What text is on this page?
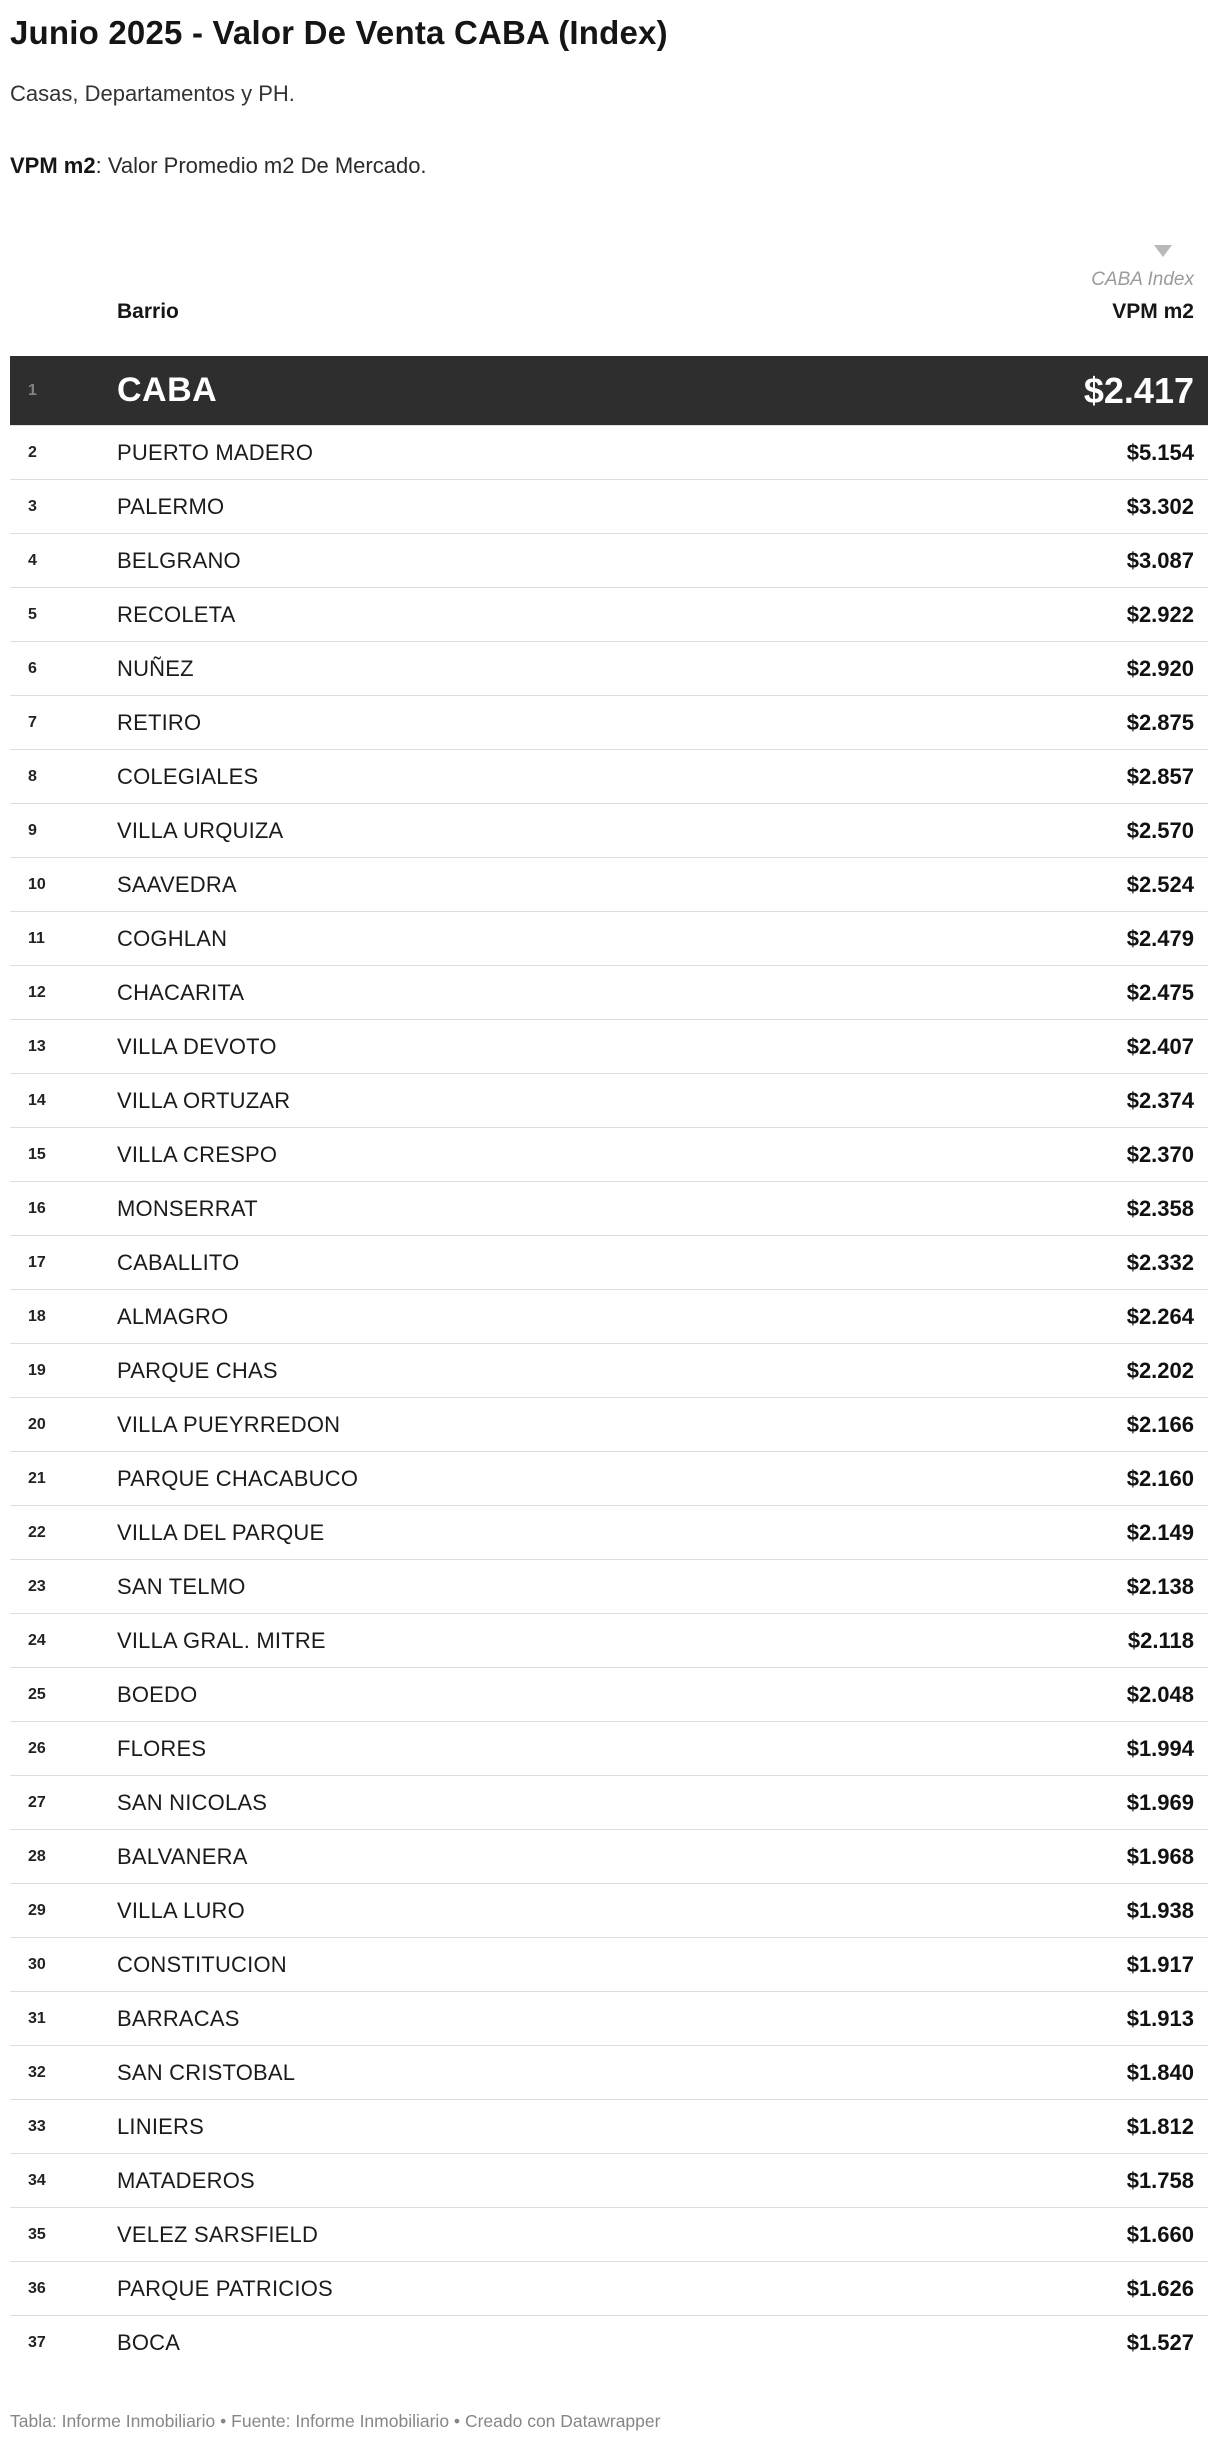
Junio 2025 - Valor De Venta CABA (Index)

Casas, Departamentos y PH.

VPM m2: Valor Promedio m2 De Mercado.

CABA Index
Barrio	VPM m2
1	CABA	$2.417
2	PUERTO MADERO	$5.154
3	PALERMO	$3.302
4	BELGRANO	$3.087
5	RECOLETA	$2.922
6	NUÑEZ	$2.920
7	RETIRO	$2.875
8	COLEGIALES	$2.857
9	VILLA URQUIZA	$2.570
10	SAAVEDRA	$2.524
11	COGHLAN	$2.479
12	CHACARITA	$2.475
13	VILLA DEVOTO	$2.407
14	VILLA ORTUZAR	$2.374
15	VILLA CRESPO	$2.370
16	MONSERRAT	$2.358
17	CABALLITO	$2.332
18	ALMAGRO	$2.264
19	PARQUE CHAS	$2.202
20	VILLA PUEYRREDON	$2.166
21	PARQUE CHACABUCO	$2.160
22	VILLA DEL PARQUE	$2.149
23	SAN TELMO	$2.138
24	VILLA GRAL. MITRE	$2.118
25	BOEDO	$2.048
26	FLORES	$1.994
27	SAN NICOLAS	$1.969
28	BALVANERA	$1.968
29	VILLA LURO	$1.938
30	CONSTITUCION	$1.917
31	BARRACAS	$1.913
32	SAN CRISTOBAL	$1.840
33	LINIERS	$1.812
34	MATADEROS	$1.758
35	VELEZ SARSFIELD	$1.660
36	PARQUE PATRICIOS	$1.626
37	BOCA	$1.527
Tabla: Informe Inmobiliario • Fuente: Informe Inmobiliario • Creado con Datawrapper
